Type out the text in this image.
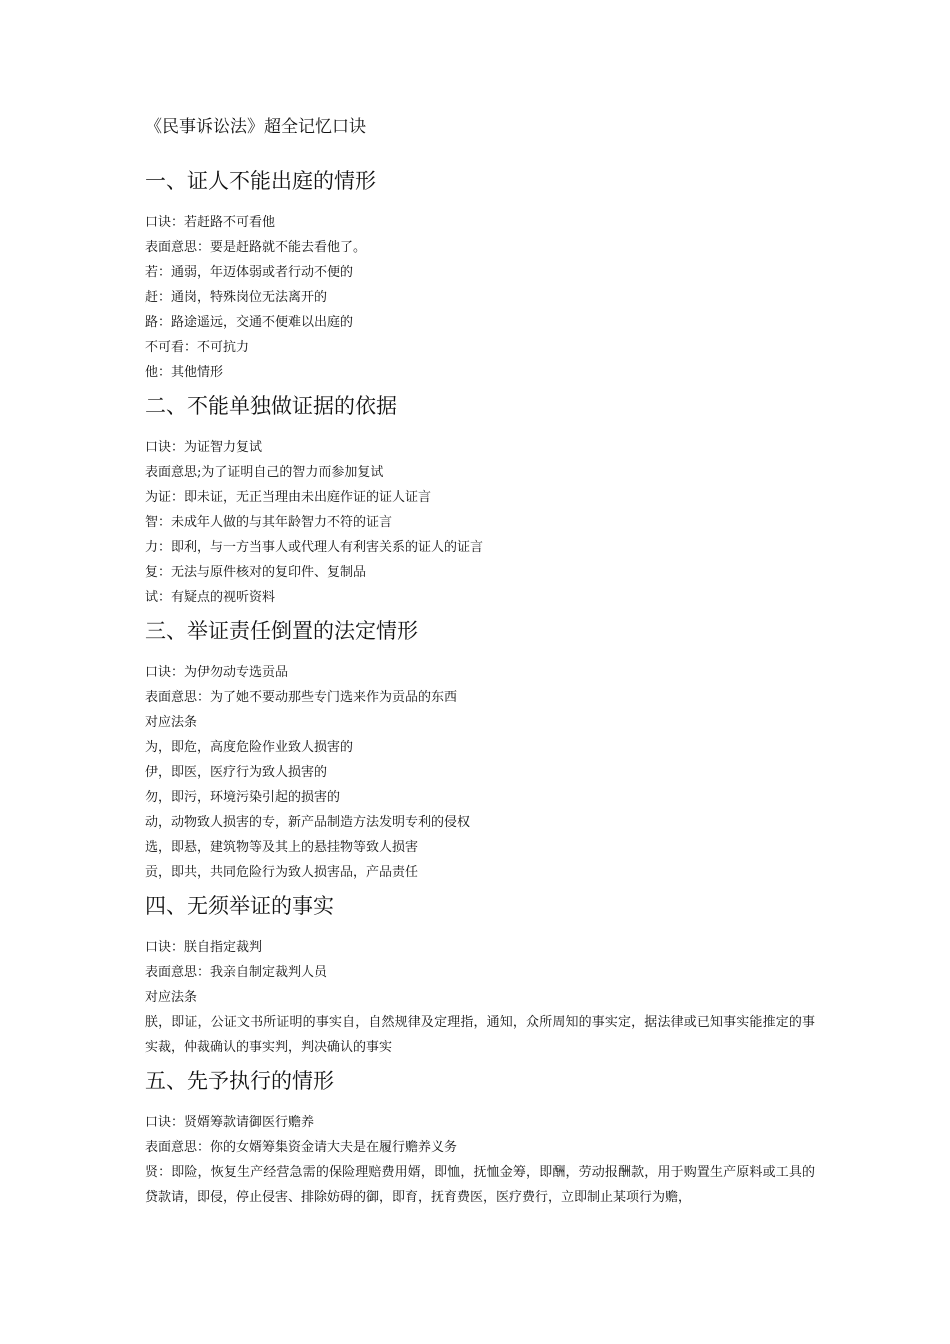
《民事诉讼法》超全记忆口诀
一、证人不能出庭的情形
口诀：若赶路不可看他
表面意思：要是赶路就不能去看他了。
若：通弱，年迈体弱或者行动不便的
赶：通岗，特殊岗位无法离开的
路：路途遥远，交通不便难以出庭的
不可看：不可抗力
他：其他情形
二、不能单独做证据的依据
口诀：为证智力复试
表面意思;为了证明自己的智力而参加复试
为证：即未证，无正当理由未出庭作证的证人证言
智：未成年人做的与其年龄智力不符的证言
力：即利，与一方当事人或代理人有利害关系的证人的证言
复：无法与原件核对的复印件、复制品
试：有疑点的视听资料
三、举证责任倒置的法定情形
口诀：为伊勿动专选贡品
表面意思：为了她不要动那些专门选来作为贡品的东西
对应法条
为，即危，高度危险作业致人损害的
伊，即医，医疗行为致人损害的
勿，即污，环境污染引起的损害的
动，动物致人损害的专，新产品制造方法发明专利的侵权
选，即悬，建筑物等及其上的悬挂物等致人损害
贡，即共，共同危险行为致人损害品，产品责任
四、无须举证的事实
口诀：朕自指定裁判
表面意思：我亲自制定裁判人员
对应法条
朕，即证，公证文书所证明的事实自，自然规律及定理指，通知，众所周知的事实定，据法律或已知事实能推定的事实裁，仲裁确认的事实判，判决确认的事实
五、先予执行的情形
口诀：贤婿筹款请御医行赡养
表面意思：你的女婿筹集资金请大夫是在履行赡养义务
贤：即险，恢复生产经营急需的保险理赔费用婿，即恤，抚恤金筹，即酬，劳动报酬款，用于购置生产原料或工具的贷款请，即侵，停止侵害、排除妨碍的御，即育，抚育费医，医疗费行，立即制止某项行为赡，
